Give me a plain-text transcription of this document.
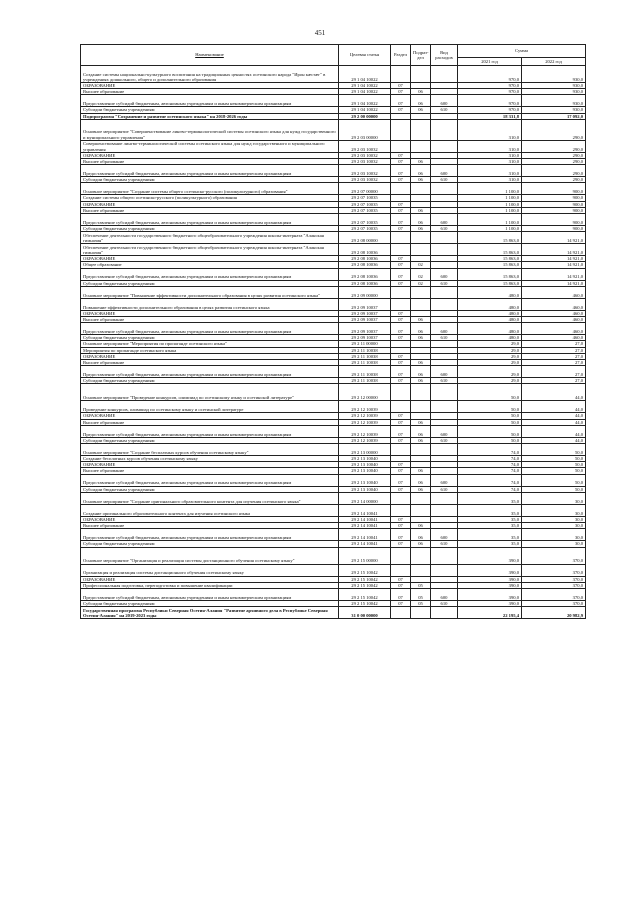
451
Наименование	Целевая статья	Раздел	Подраз-дел	Вид расходов	Сумма	
					2021 год	2022 год
Создание системы национально-культурного воспитания на традиционных ценностях осетинского народа "Ирон кæстæг" в учреждениях дошкольного, общего и дополнительного образования	29 1 04 10022				970,0	930,0
ОБРАЗОВАНИЕ	29 1 04 10022	07			970,0	930,0
Высшее образование	29 1 04 10022	07	06		970,0	930,0
Предоставление субсидий бюджетным, автономным учреждениям и иным некоммерческим организациям	29 1 04 10022	07	06	600	970,0	930,0
Субсидии бюджетным учреждениям	29 1 04 10022	07	06	610	970,0	930,0
Подпрограмма "Сохранение и развитие осетинского языка" на 2018-2026 годы	29 2 00 00000				18 331,8	17 092,0
Основное мероприятие "Совершенствование лингво-терминологической системы осетинского языка для нужд государственного и муниципального управления"	29 2 03 00000				310,0	290,0
Совершенствование лингво-терминологической системы осетинского языка для нужд государственного и муниципального управления	29 2 03 10032				310,0	290,0
ОБРАЗОВАНИЕ	29 2 03 10032	07			310,0	290,0
Высшее образование	29 2 03 10032	07	06		310,0	290,0
Предоставление субсидий бюджетным, автономным учреждениям и иным некоммерческим организациям	29 2 03 10032	07	06	600	310,0	290,0
Субсидии бюджетным учреждениям	29 2 03 10032	07	06	610	310,0	290,0
Основное мероприятие "Создание системы общего осетинско-русского (поликультурного) образования"	29 2 07 00000				1 100,0	900,0
Создание системы общего осетинско-русского (поликультурного) образования	29 2 07 10035				1 100,0	900,0
ОБРАЗОВАНИЕ	29 2 07 10035	07			1 100,0	900,0
Высшее образование	29 2 07 10035	07	06		1 100,0	900,0
Предоставление субсидий бюджетным, автономным учреждениям и иным некоммерческим организациям	29 2 07 10035	07	06	600	1 100,0	900,0
Субсидии бюджетным учреждениям	29 2 07 10035	07	06	610	1 100,0	900,0
Обеспечение деятельности государственного бюджетного общеобразовательного учреждения школы-интерната "Аланская гимназия"	29 2 08 00000				15 863,0	14 921,0
Обеспечение деятельности государственного бюджетного общеобразовательного учреждения школы-интерната "Аланская гимназия"	29 2 08 10036				15 863,0	14 921,0
ОБРАЗОВАНИЕ	29 2 08 10036	07			15 863,0	14 921,0
Общее образование	29 2 08 10036	07	02		15 863,0	14 921,0
Предоставление субсидий бюджетным, автономным учреждениям и иным некоммерческим организациям	29 2 08 10036	07	02	600	15 863,0	14 921,0
Субсидии бюджетным учреждениям	29 2 08 10036	07	02	610	15 863,0	14 921,0
Основное мероприятие "Повышение эффективности дополнительного образования в целях развития осетинского языка"	29 2 09 00000				480,0	460,0
Повышение эффективности дополнительного образования в целях развития осетинского языка	29 2 09 10037				480,0	460,0
ОБРАЗОВАНИЕ	29 2 09 10037	07			480,0	460,0
Высшее образование	29 2 09 10037	07	06		480,0	460,0
Предоставление субсидий бюджетным, автономным учреждениям и иным некоммерческим организациям	29 2 09 10037	07	06	600	480,0	460,0
Субсидии бюджетным учреждениям	29 2 09 10037	07	06	610	480,0	460,0
Основное мероприятие "Мероприятия по пропаганде осетинского языка"	29 2 11 00000				29,0	27,0
Мероприятия по пропаганде осетинского языка	29 2 11 10038				29,0	27,0
ОБРАЗОВАНИЕ	29 2 11 10038	07			29,0	27,0
Высшее образование	29 2 11 10038	07	06		29,0	27,0
Предоставление субсидий бюджетным, автономным учреждениям и иным некоммерческим организациям	29 2 11 10038	07	06	600	29,0	27,0
Субсидии бюджетным учреждениям	29 2 11 10038	07	06	610	29,0	27,0
Основное мероприятие "Проведение конкурсов, олимпиад по осетинскому языку и осетинской литературе"	29 2 12 00000				50,0	44,0
Проведение конкурсов, олимпиад по осетинскому языку и осетинской литературе	29 2 12 10039				50,0	44,0
ОБРАЗОВАНИЕ	29 2 12 10039	07			50,0	44,0
Высшее образование	29 2 12 10039	07	06		50,0	44,0
Предоставление субсидий бюджетным, автономным учреждениям и иным некоммерческим организациям	29 2 12 10039	07	06	600	50,0	44,0
Субсидии бюджетным учреждениям	29 2 12 10039	07	06	610	50,0	44,0
Основное мероприятие "Создание бесплатных курсов обучения осетинскому языку"	29 2 13 00000				74,0	50,0
Создание бесплатных курсов обучения осетинскому языку	29 2 13 10040				74,0	50,0
ОБРАЗОВАНИЕ	29 2 13 10040	07			74,0	50,0
Высшее образование	29 2 13 10040	07	06		74,0	50,0
Предоставление субсидий бюджетным, автономным учреждениям и иным некоммерческим организациям	29 2 13 10040	07	06	600	74,0	50,0
Субсидии бюджетным учреждениям	29 2 13 10040	07	06	610	74,0	50,0
Основное мероприятие "Создание оригинального образовательного контента для изучения осетинского языка"	29 2 14 00000				35,0	30,0
Создание оригинального образовательного контента для изучения осетинского языка	29 2 14 10041				35,0	30,0
ОБРАЗОВАНИЕ	29 2 14 10041	07			35,0	30,0
Высшее образование	29 2 14 10041	07	06		35,0	30,0
Предоставление субсидий бюджетным, автономным учреждениям и иным некоммерческим организациям	29 2 14 10041	07	06	600	35,0	30,0
Субсидии бюджетным учреждениям	29 2 14 10041	07	06	610	35,0	30,0
Основное мероприятие "Организация и реализация системы дистанционного обучения осетинскому языку"	29 2 15 00000				390,0	370,0
Организация и реализация системы дистанционного обучения осетинскому языку	29 2 15 10042				390,0	370,0
ОБРАЗОВАНИЕ	29 2 15 10042	07			390,0	370,0
Профессиональная подготовка, переподготовка и повышение квалификации	29 2 15 10042	07	05		390,0	370,0
Предоставление субсидий бюджетным, автономным учреждениям и иным некоммерческим организациям	29 2 15 10042	07	05	600	390,0	370,0
Субсидии бюджетным учреждениям	29 2 15 10042	07	05	610	390,0	370,0
Государственная программа Республики Северная Осетия-Алания "Развитие архивного дела в Республике Северная Осетия-Алания" на 2019-2023 годы	31 0 00 00000				22 195,4	20 982,9
